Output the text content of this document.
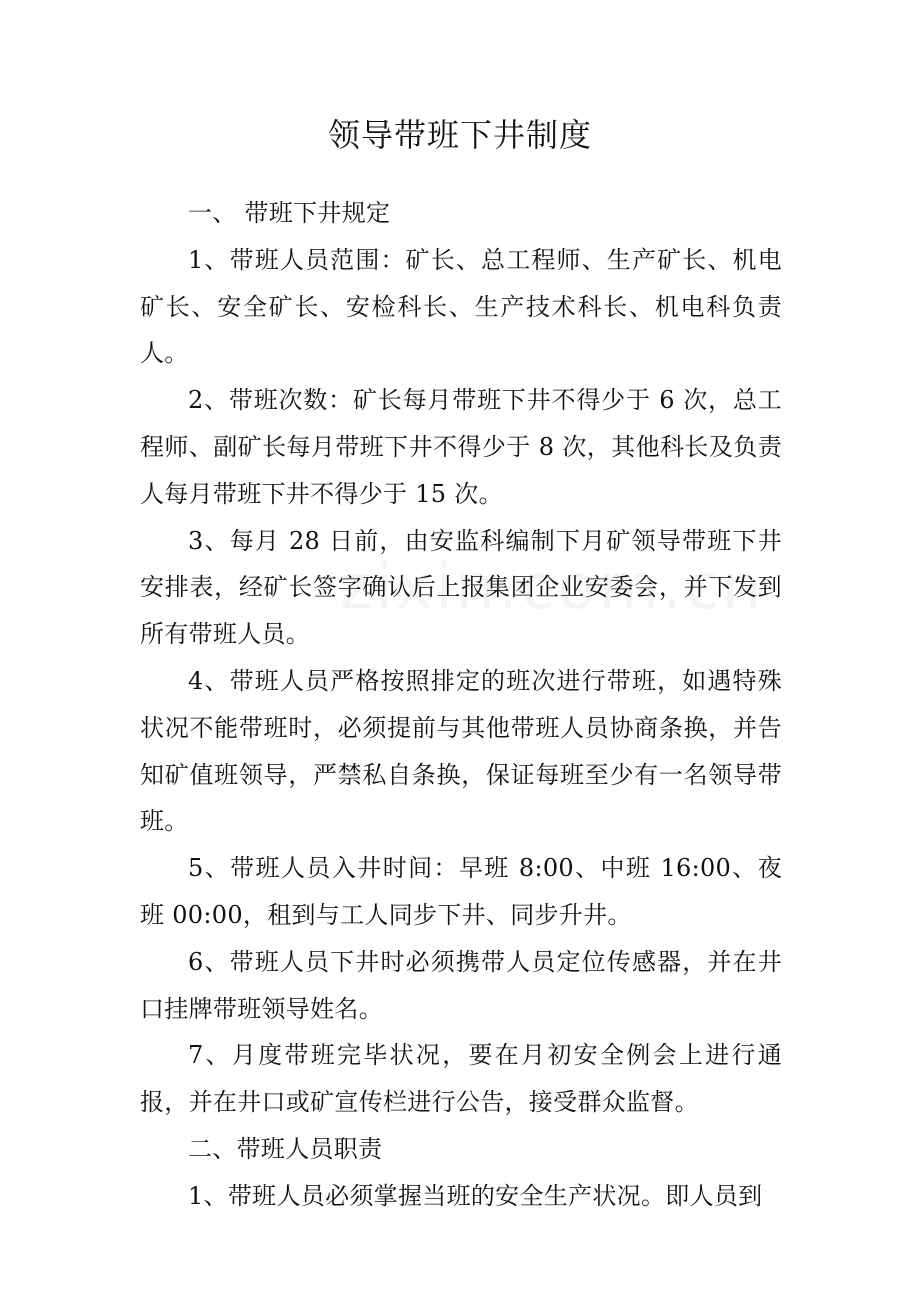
领导带班下井制度

一、 带班下井规定

1、带班人员范围：矿长、总工程师、生产矿长、机电矿长、安全矿长、安检科长、生产技术科长、机电科负责人。

2、带班次数：矿长每月带班下井不得少于 6 次，总工程师、副矿长每月带班下井不得少于 8 次，其他科长及负责人每月带班下井不得少于 15 次。

3、每月 28 日前，由安监科编制下月矿领导带班下井安排表，经矿长签字确认后上报集团企业安委会，并下发到所有带班人员。

4、带班人员严格按照排定的班次进行带班，如遇特殊状况不能带班时，必须提前与其他带班人员协商条换，并告知矿值班领导，严禁私自条换，保证每班至少有一名领导带班。

5、带班人员入井时间：早班 8:00、中班 16:00、夜班 00:00，租到与工人同步下井、同步升井。

6、带班人员下井时必须携带人员定位传感器，并在井口挂牌带班领导姓名。

7、月度带班完毕状况，要在月初安全例会上进行通报，并在井口或矿宣传栏进行公告，接受群众监督。

二、带班人员职责

1、带班人员必须掌握当班的安全生产状况。即人员到
